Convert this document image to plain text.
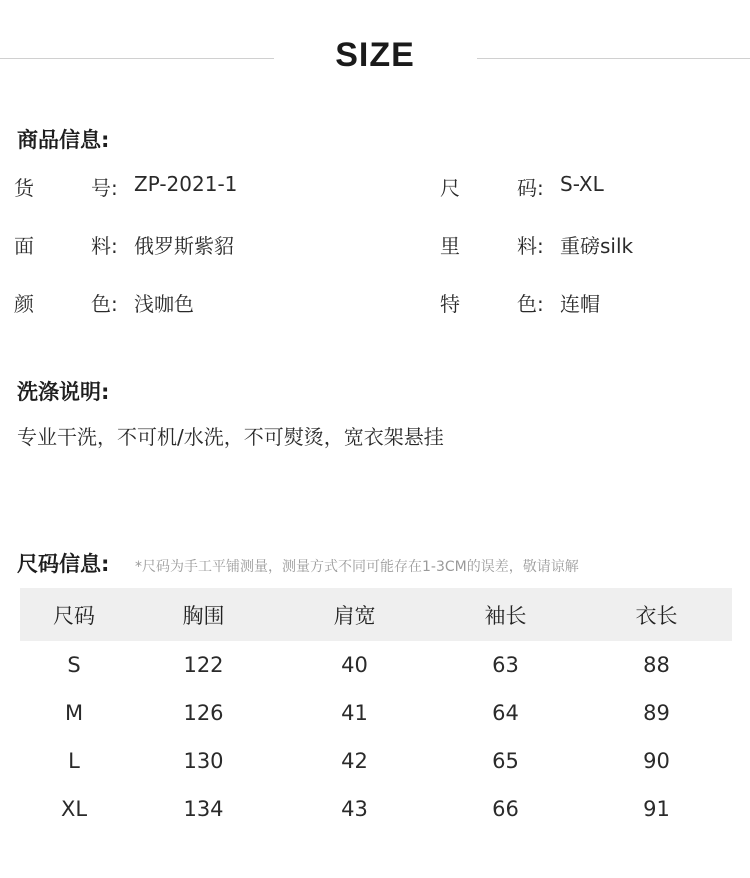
SIZE
商品信息:
货	号: ZP-2021-1	尺	码: S-XL
面	料: 俄罗斯紫貂	里	料: 重磅silk
颜	色: 浅咖色	特	色: 连帽
洗涤说明:
专业干洗，不可机/水洗，不可熨烫，宽衣架悬挂
尺码信息: *尺码为手工平铺测量，测量方式不同可能存在1-3CM的误差，敬请谅解
尺码	胸围	肩宽	袖长	衣长
S	122	40	63	88
M	126	41	64	89
L	130	42	65	90
XL	134	43	66	91
